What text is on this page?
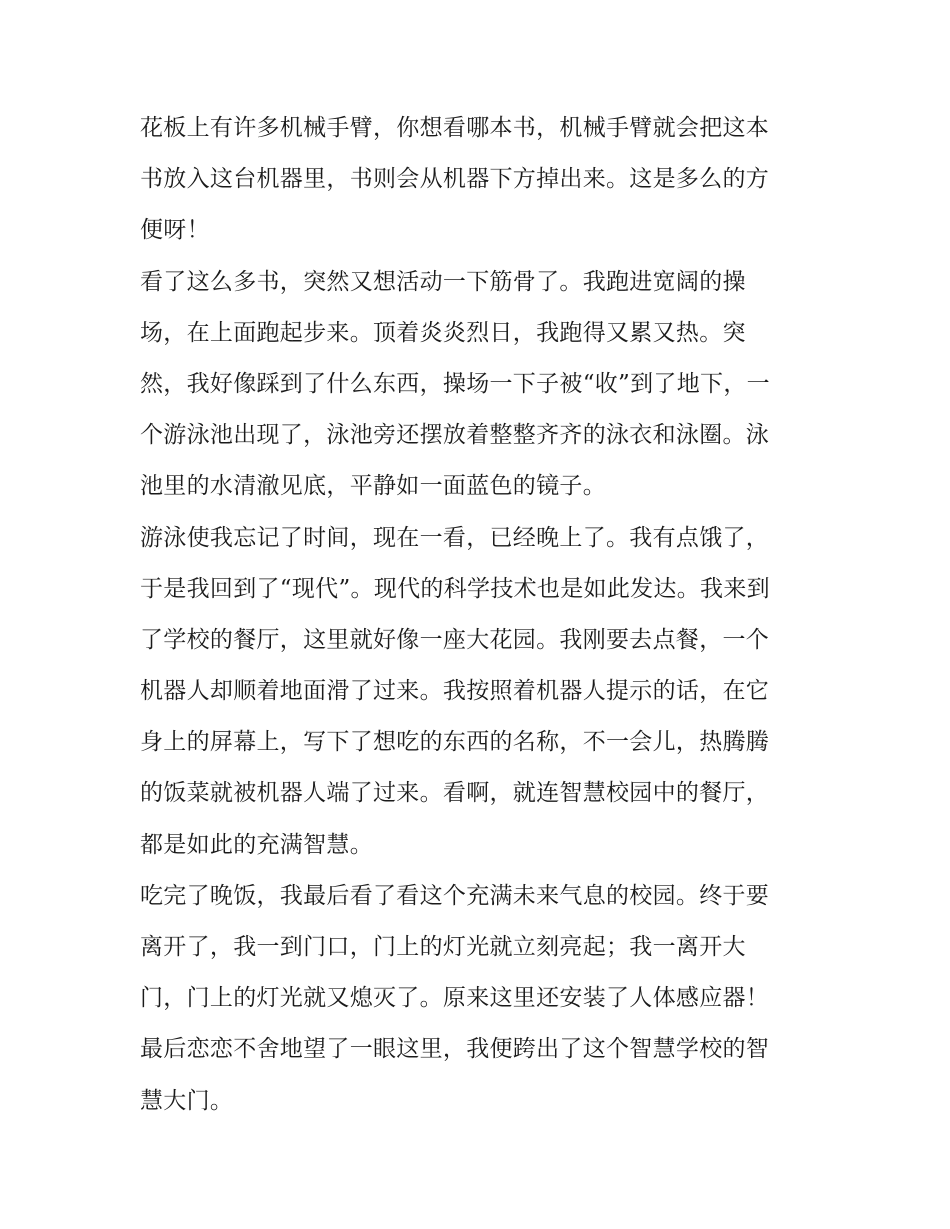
花板上有许多机械手臂，你想看哪本书，机械手臂就会把这本
书放入这台机器里，书则会从机器下方掉出来。这是多么的方
便呀！
看了这么多书，突然又想活动一下筋骨了。我跑进宽阔的操
场，在上面跑起步来。顶着炎炎烈日，我跑得又累又热。突
然，我好像踩到了什么东西，操场一下子被“收”到了地下，一
个游泳池出现了，泳池旁还摆放着整整齐齐的泳衣和泳圈。泳
池里的水清澈见底，平静如一面蓝色的镜子。
游泳使我忘记了时间，现在一看，已经晚上了。我有点饿了，
于是我回到了“现代”。现代的科学技术也是如此发达。我来到
了学校的餐厅，这里就好像一座大花园。我刚要去点餐，一个
机器人却顺着地面滑了过来。我按照着机器人提示的话，在它
身上的屏幕上，写下了想吃的东西的名称，不一会儿，热腾腾
的饭菜就被机器人端了过来。看啊，就连智慧校园中的餐厅，
都是如此的充满智慧。
吃完了晚饭，我最后看了看这个充满未来气息的校园。终于要
离开了，我一到门口，门上的灯光就立刻亮起；我一离开大
门，门上的灯光就又熄灭了。原来这里还安装了人体感应器！
最后恋恋不舍地望了一眼这里，我便跨出了这个智慧学校的智
慧大门。
